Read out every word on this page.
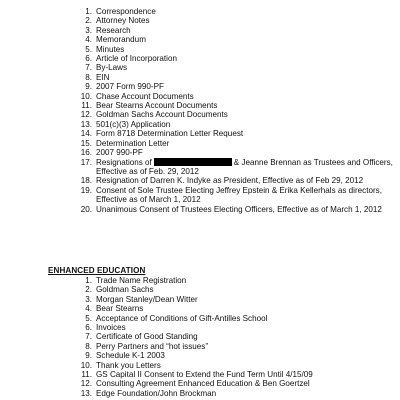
1. Correspondence
2. Attorney Notes
3. Research
4. Memorandum
5. Minutes
6. Article of Incorporation
7. By-Laws
8. EIN
9. 2007 Form 990-PF
10. Chase Account Documents
11. Bear Stearns Account Documents
12. Goldman Sachs Account Documents
13. 501(c)(3) Application
14. Form 8718 Determination Letter Request
15. Determination Letter
16. 2007 990-PF
17. Resignations of	& Jeanne Brennan as Trustees and Officers, Effective as of Feb. 29, 2012
18. Resignation of Darren K. Indyke as President, Effective as of Feb 29, 2012
19. Consent of Sole Trustee Electing Jeffrey Epstein & Erika Kellerhals as directors, Effective as of March 1, 2012
20. Unanimous Consent of Trustees Electing Officers, Effective as of March 1, 2012
ENHANCED EDUCATION
1. Trade Name Registration
2. Goldman Sachs
3. Morgan Stanley/Dean Witter
4. Bear Stearns
5. Acceptance of Conditions of Gift-Antilles School
6. Invoices
7. Certificate of Good Standing
8. Perry Partners and “hot issues”
9. Schedule K-1 2003
10. Thank you Letters
11. GS Capital II Consent to Extend the Fund Term Until 4/15/09
12. Consulting Agreement Enhanced Education & Ben Goertzel
13. Edge Foundation/John Brockman
